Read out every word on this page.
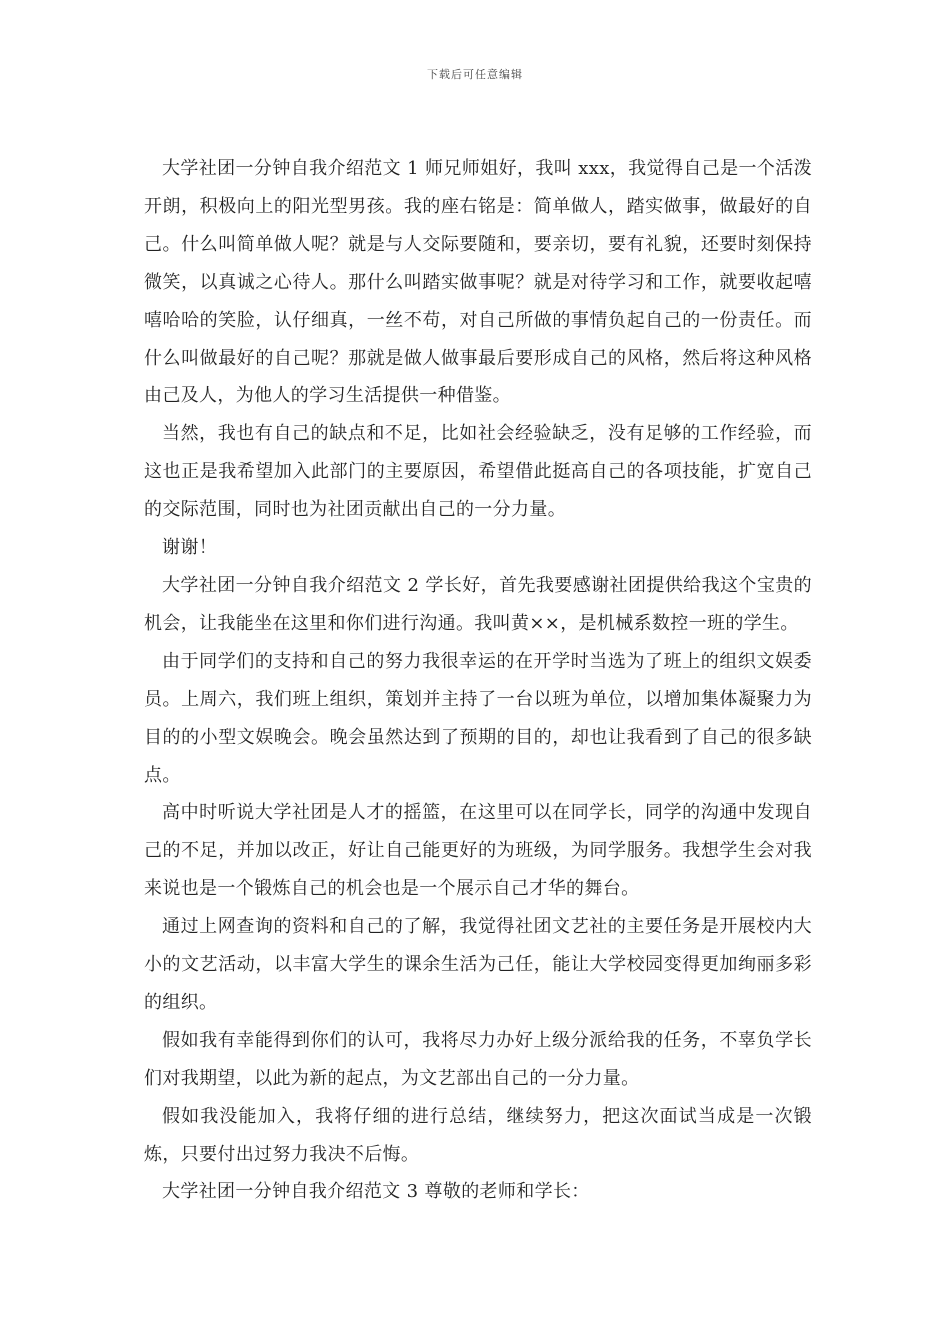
下载后可任意编辑

大学社团一分钟自我介绍范文 1 师兄师姐好，我叫 xxx，我觉得自己是一个活泼开朗，积极向上的阳光型男孩。我的座右铭是：简单做人，踏实做事，做最好的自己。什么叫简单做人呢？就是与人交际要随和，要亲切，要有礼貌，还要时刻保持微笑，以真诚之心待人。那什么叫踏实做事呢？就是对待学习和工作，就要收起嘻嘻哈哈的笑脸，认仔细真，一丝不苟，对自己所做的事情负起自己的一份责任。而什么叫做最好的自己呢？那就是做人做事最后要形成自己的风格，然后将这种风格由己及人，为他人的学习生活提供一种借鉴。

当然，我也有自己的缺点和不足，比如社会经验缺乏，没有足够的工作经验，而这也正是我希望加入此部门的主要原因，希望借此挺高自己的各项技能，扩宽自己的交际范围，同时也为社团贡献出自己的一分力量。

谢谢！

大学社团一分钟自我介绍范文 2 学长好，首先我要感谢社团提供给我这个宝贵的机会，让我能坐在这里和你们进行沟通。我叫黄××，是机械系数控一班的学生。

由于同学们的支持和自己的努力我很幸运的在开学时当选为了班上的组织文娱委员。上周六，我们班上组织，策划并主持了一台以班为单位，以增加集体凝聚力为目的的小型文娱晚会。晚会虽然达到了预期的目的，却也让我看到了自己的很多缺点。

高中时听说大学社团是人才的摇篮，在这里可以在同学长，同学的沟通中发现自己的不足，并加以改正，好让自己能更好的为班级，为同学服务。我想学生会对我来说也是一个锻炼自己的机会也是一个展示自己才华的舞台。

通过上网查询的资料和自己的了解，我觉得社团文艺社的主要任务是开展校内大小的文艺活动，以丰富大学生的课余生活为己任，能让大学校园变得更加绚丽多彩的组织。

假如我有幸能得到你们的认可，我将尽力办好上级分派给我的任务，不辜负学长们对我期望，以此为新的起点，为文艺部出自己的一分力量。

假如我没能加入，我将仔细的进行总结，继续努力，把这次面试当成是一次锻炼，只要付出过努力我决不后悔。

大学社团一分钟自我介绍范文 3 尊敬的老师和学长：
